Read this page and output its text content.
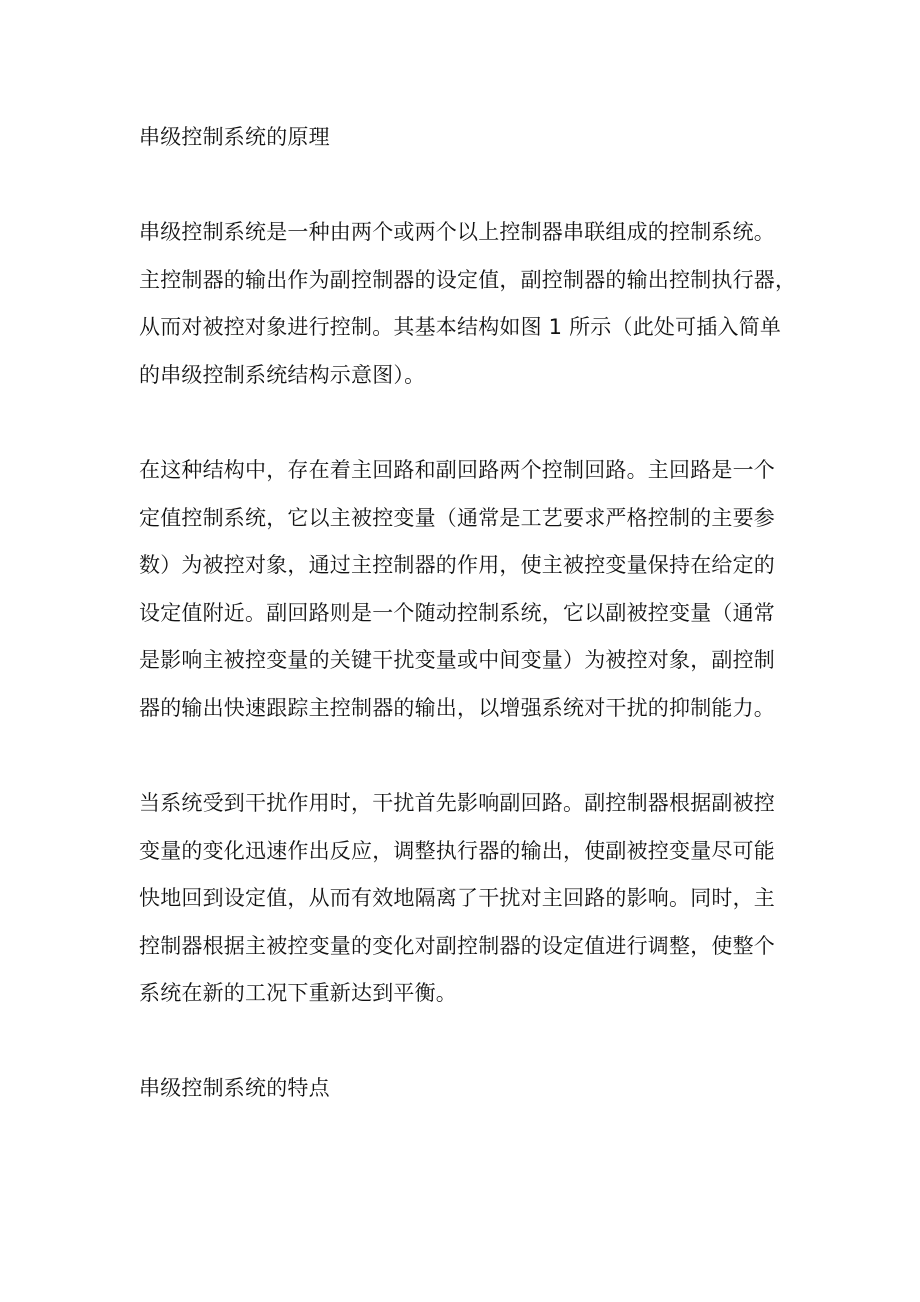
串级控制系统的原理

串级控制系统是一种由两个或两个以上控制器串联组成的控制系统。
主控制器的输出作为副控制器的设定值，副控制器的输出控制执行器，
从而对被控对象进行控制。其基本结构如图 1 所示（此处可插入简单
的串级控制系统结构示意图）。
在这种结构中，存在着主回路和副回路两个控制回路。主回路是一个
定值控制系统，它以主被控变量（通常是工艺要求严格控制的主要参
数）为被控对象，通过主控制器的作用，使主被控变量保持在给定的
设定值附近。副回路则是一个随动控制系统，它以副被控变量（通常
是影响主被控变量的关键干扰变量或中间变量）为被控对象，副控制
器的输出快速跟踪主控制器的输出，以增强系统对干扰的抑制能力。
当系统受到干扰作用时，干扰首先影响副回路。副控制器根据副被控
变量的变化迅速作出反应，调整执行器的输出，使副被控变量尽可能
快地回到设定值，从而有效地隔离了干扰对主回路的影响。同时，主
控制器根据主被控变量的变化对副控制器的设定值进行调整，使整个
系统在新的工况下重新达到平衡。

串级控制系统的特点
